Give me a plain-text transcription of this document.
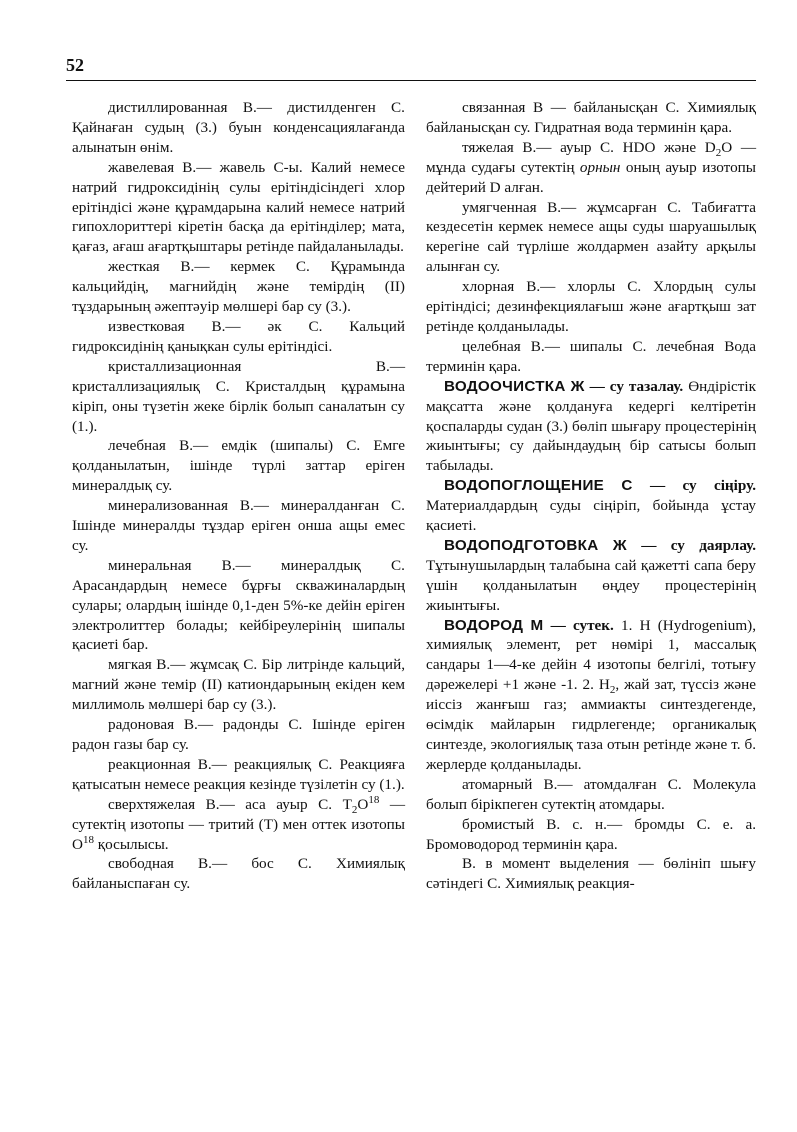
52

дистиллированная В.— дистилденген С. Қайнаған судың (3.) буын конденсациялағанда алынатын өнім.

жавелевая В.— жавель С-ы. Калий немесе натрий гидроксидінің сулы ерітіндісіндегі хлор ерітіндісі және құрамдарына калий немесе натрий гипохлориттері кіретін басқа да ерітінділер; мата, қағаз, ағаш ағартқыштары ретінде пайдаланылады.

жесткая В.— кермек С. Құрамында кальцийдің, магнийдің және темірдің (II) тұздарының әжептәуір мөлшері бар су (3.).

известковая В.— әк С. Кальций гидроксидінің қанықкан сулы ерітіндісі.

кристаллизационная В.— кристаллизациялық С. Кристалдың құрамына кіріп, оны түзетін жеке бірлік болып саналатын су (1.).

лечебная В.— емдік (шипалы) С. Емге қолданылатын, ішінде түрлі заттар еріген минералдық су.

минерализованная В.— минералданған С. Ішінде минералды тұздар еріген онша ащы емес су.

минеральная В.— минералдық С. Арасандардың немесе бұрғы скважиналардың сулары; олардың ішінде 0,1-ден 5%-ке дейін еріген электролиттер болады; кейбіреулерінің шипалы қасиеті бар.

мягкая В.— жұмсақ С. Бір литрінде кальций, магний және темір (II) катиондарының екіден кем миллимоль мөлшері бар су (3.).

радоновая В.— радонды С. Ішінде еріген радон газы бар су.

реакционная В.— реакциялық С. Реакцияға қатысатын немесе реакция кезінде түзілетін су (1.).

сверхтяжелая В.— аса ауыр С. $T_2O^{18}$ — сутектің изотопы — тритий (Т) мен оттек изотопы $O^{18}$ қосылысы.

свободная В.— бос С. Химиялық байланыспаған су.

связанная В — байланысқан С. Химиялық байланысқан су. Гидратная вода терминін қара.

тяжелая В.— ауыр С. HDO және $D_2O$ — мұнда судағы сутектің орнын оның ауыр изотопы дейтерий D алған.

умягченная В.— жұмсарған С. Табиғатта кездесетін кермек немесе ащы суды шаруашылық керегіне сай түрліше жолдармен азайту арқылы алынған су.

хлорная В.— хлорлы С. Хлордың сулы ерітіндісі; дезинфекциялағыш және ағартқыш зат ретінде қолданылады.

целебная В.— шипалы С. лечебная Вода терминін қара.

ВОДООЧИСТКА Ж — су тазалау. Өндірістік мақсатта және қолдануға кедергі келтіретін қоспаларды судан (3.) бөліп шығару процестерінің жиынтығы; су дайындаудың бір сатысы болып табылады.

ВОДОПОГЛОЩЕНИЕ С — су сіңіру. Материалдардың суды сіңіріп, бойында ұстау қасиеті.

ВОДОПОДГОТОВКА Ж — су даярлау. Тұтынушылардың талабына сай қажетті сапа беру үшін қолданылатын өңдеу процестерінің жиынтығы.

ВОДОРОД М — сутек. 1. Н (Hydrogenium), химиялық элемент, рет нөмірі 1, массалық сандары 1—4-ке дейін 4 изотопы белгілі, тотығу дәрежелері +1 және -1. 2. $H_2$, жай зат, түссіз және иіссіз жанғыш газ; аммиакты синтездегенде, өсімдік майларын гидрлегенде; органикалық синтезде, экологиялық таза отын ретінде және т. б. жерлерде қолданылады.

атомарный В.— атомдалған С. Молекула болып бірікпеген сутектің атомдары.

бромистый В. с. н.— бромды С. е. а. Бромоводород терминін қара.

В. в момент выделения — бөлініп шығу сәтіндегі С. Химиялық реакция-
